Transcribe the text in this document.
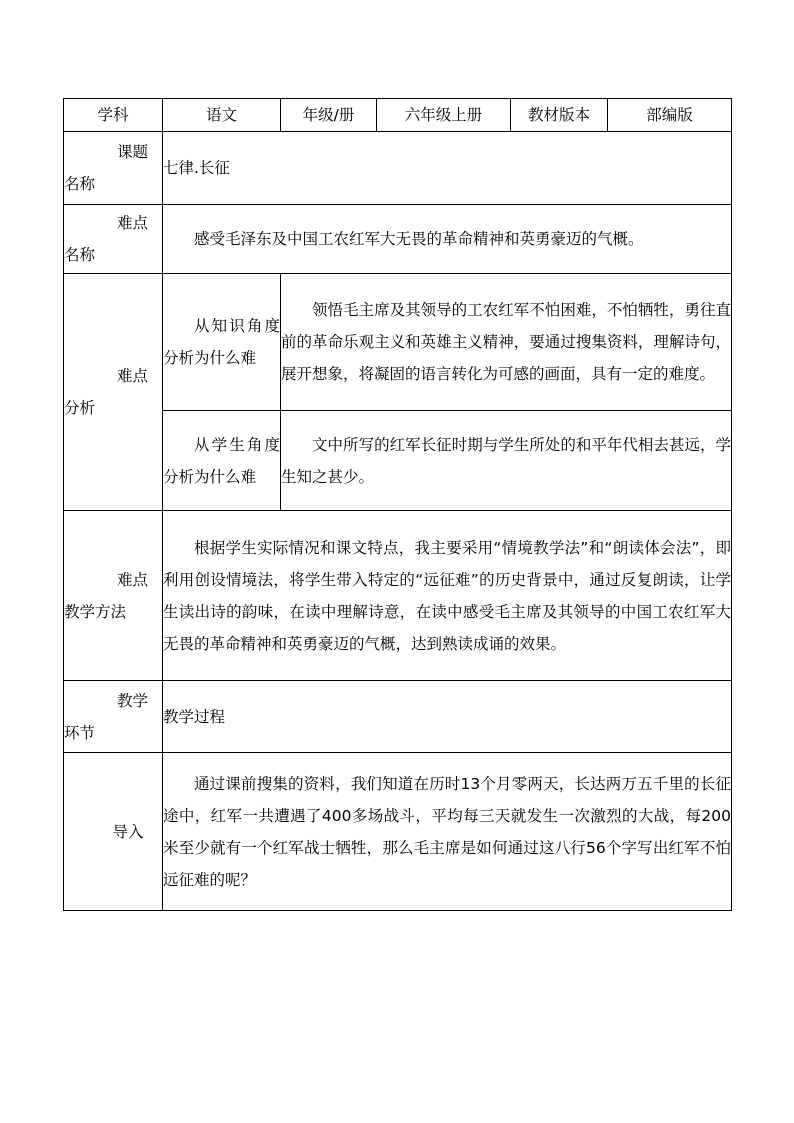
学科	语文	年级/册	六年级上册	教材版本	部编版

课题
名称	七律.长征				

难点
名称	感受毛泽东及中国工农红军大无畏的革命精神和英勇豪迈的气概。				

难点
分析	从知识角度分析为什么难	领悟毛主席及其领导的工农红军不怕困难，不怕牺牲，勇往直前的革命乐观主义和英雄主义精神，要通过搜集资料，理解诗句，展开想象，将凝固的语言转化为可感的画面，具有一定的难度。			
	从学生角度分析为什么难	文中所写的红军长征时期与学生所处的和平年代相去甚远，学生知之甚少。			

难点
教学方法	根据学生实际情况和课文特点，我主要采用“情境教学法”和“朗读体会法”，即利用创设情境法，将学生带入特定的“远征难”的历史背景中，通过反复朗读，让学生读出诗的韵味，在读中理解诗意，在读中感受毛主席及其领导的中国工农红军大无畏的革命精神和英勇豪迈的气概，达到熟读成诵的效果。				

教学
环节	教学过程				
导入	通过课前搜集的资料，我们知道在历时13个月零两天，长达两万五千里的长征途中，红军一共遭遇了400多场战斗，平均每三天就发生一次激烈的大战，每200米至少就有一个红军战士牺牲，那么毛主席是如何通过这八行56个字写出红军不怕远征难的呢？				
